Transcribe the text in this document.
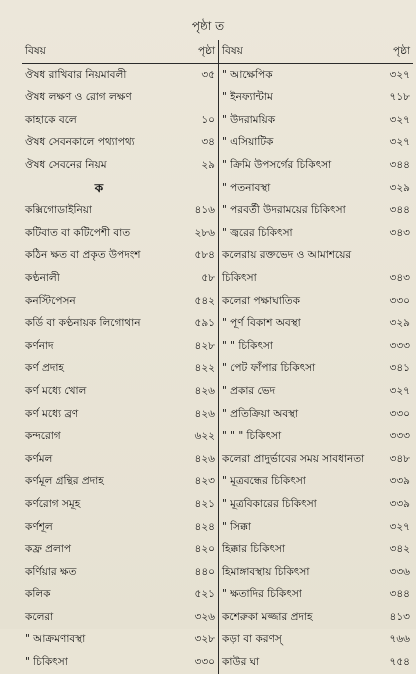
পৃষ্ঠা ত
বিষয়	পৃষ্ঠা	বিষয়	পৃষ্ঠা
ঔষধ রাখিবার নিয়মাবলী	৩৫	" আক্ষেপিক	৩২৭
ঔষধ লক্ষণ ও রোগ লক্ষণ		" ইনফ্যান্টাম	৭১৮
কাহাকে বলে	১০	" উদরাময়িক	৩২৭
ঔষধ সেবনকালে পথ্যাপথ্য	৩৪	" এসিয়াটিক	৩২৭
ঔষধ সেবনের নিয়ম	২৯	" ক্রিমি উপসর্গের চিকিৎসা	৩৪৪
ক		" পতনাবস্থা	৩২৯
কক্সিগোডাইনিয়া	৪১৬	" পরবর্তী উদরাময়ের চিকিৎসা	৩৪৪
কটিবাত বা কটিপেশী বাত	২৮৬	" জ্বরের চিকিৎসা	৩৪৩
কঠিন ক্ষত বা প্রকৃত উপদংশ	৫৮৪	কলেরায় রক্তভেদ ও আমাশয়ের	
কণ্ঠনালী	৫৮	চিকিৎসা	৩৪৩
কনস্টিপেসন	৫৪২	কলেরা পক্ষাঘাতিক	৩৩০
কর্ডি বা কণ্ঠনায়ক লিগোথান	৫৯১	" পূর্ণ বিকাশ অবস্থা	৩২৯
কর্ণনাদ	৪২৮	" " চিকিৎসা	৩৩৩
কর্ণ প্রদাহ	৪২২	" পেট ফাঁপার চিকিৎসা	৩৪১
কর্ণ মধ্যে খোল	৪২৬	" প্রকার ভেদ	৩২৭
কর্ণ মধ্যে ব্রণ	৪২৬	" প্রতিক্রিয়া অবস্থা	৩৩০
কন্দরোগ	৬২২	" " " চিকিৎসা	৩৩৩
কর্ণমল	৪২৬	কলেরা প্রাদুর্ভাবের সময় সাবধানতা	৩৪৮
কর্ণমূল গ্রন্থির প্রদাহ	৪২৩	" মূত্রবন্ধের চিকিৎসা	৩৩৯
কর্ণরোগ সমূহ	৪২১	" মূত্রবিকারের চিকিৎসা	৩৩৯
কর্ণশূল	৪২৪	" সিক্কা	৩২৭
কফ্র প্রলাপ	৪২০	হিক্কার চিকিৎসা	৩৪২
কর্ণিয়ার ক্ষত	৪৪০	হিমাঙ্গাবস্থায় চিকিৎসা	৩৩৬
কলিক	৫২১	" ক্ষতাদির চিকিৎসা	৩৪৪
কলেরা	৩২৬	কশেরুকা মজ্জার প্রদাহ	৪১৩
" আক্রমণাবস্থা	৩২৮	কড়া বা করণস্	৭৬৬
" চিকিৎসা	৩৩০	কাউর ঘা	৭৫৪
